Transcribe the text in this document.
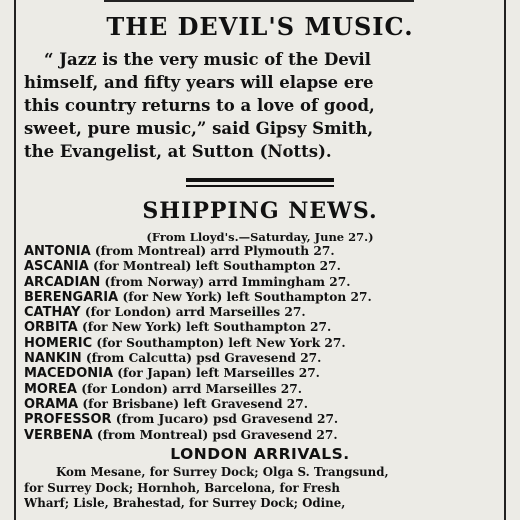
THE DEVIL'S MUSIC.
“ Jazz is the very music of the Devil
himself, and fifty years will elapse ere
this country returns to a love of good,
sweet, pure music,” said Gipsy Smith,
the Evangelist, at Sutton (Notts).
SHIPPING NEWS.
(From Lloyd's.—Saturday, June 27.)
ANTONIA (from Montreal) arrd Plymouth 27.
ASCANIA (for Montreal) left Southampton 27.
ARCADIAN (from Norway) arrd Immingham 27.
BERENGARIA (for New York) left Southampton 27.
CATHAY (for London) arrd Marseilles 27.
ORBITA (for New York) left Southampton 27.
HOMERIC (for Southampton) left New York 27.
NANKIN (from Calcutta) psd Gravesend 27.
MACEDONIA (for Japan) left Marseilles 27.
MOREA (for London) arrd Marseilles 27.
ORAMA (for Brisbane) left Gravesend 27.
PROFESSOR (from Jucaro) psd Gravesend 27.
VERBENA (from Montreal) psd Gravesend 27.
LONDON ARRIVALS.
Kom Mesane, for Surrey Dock; Olga S. Trangsund,
for Surrey Dock; Hornhoh, Barcelona, for Fresh
Wharf; Lisle, Brahestad, for Surrey Dock; Odine,
